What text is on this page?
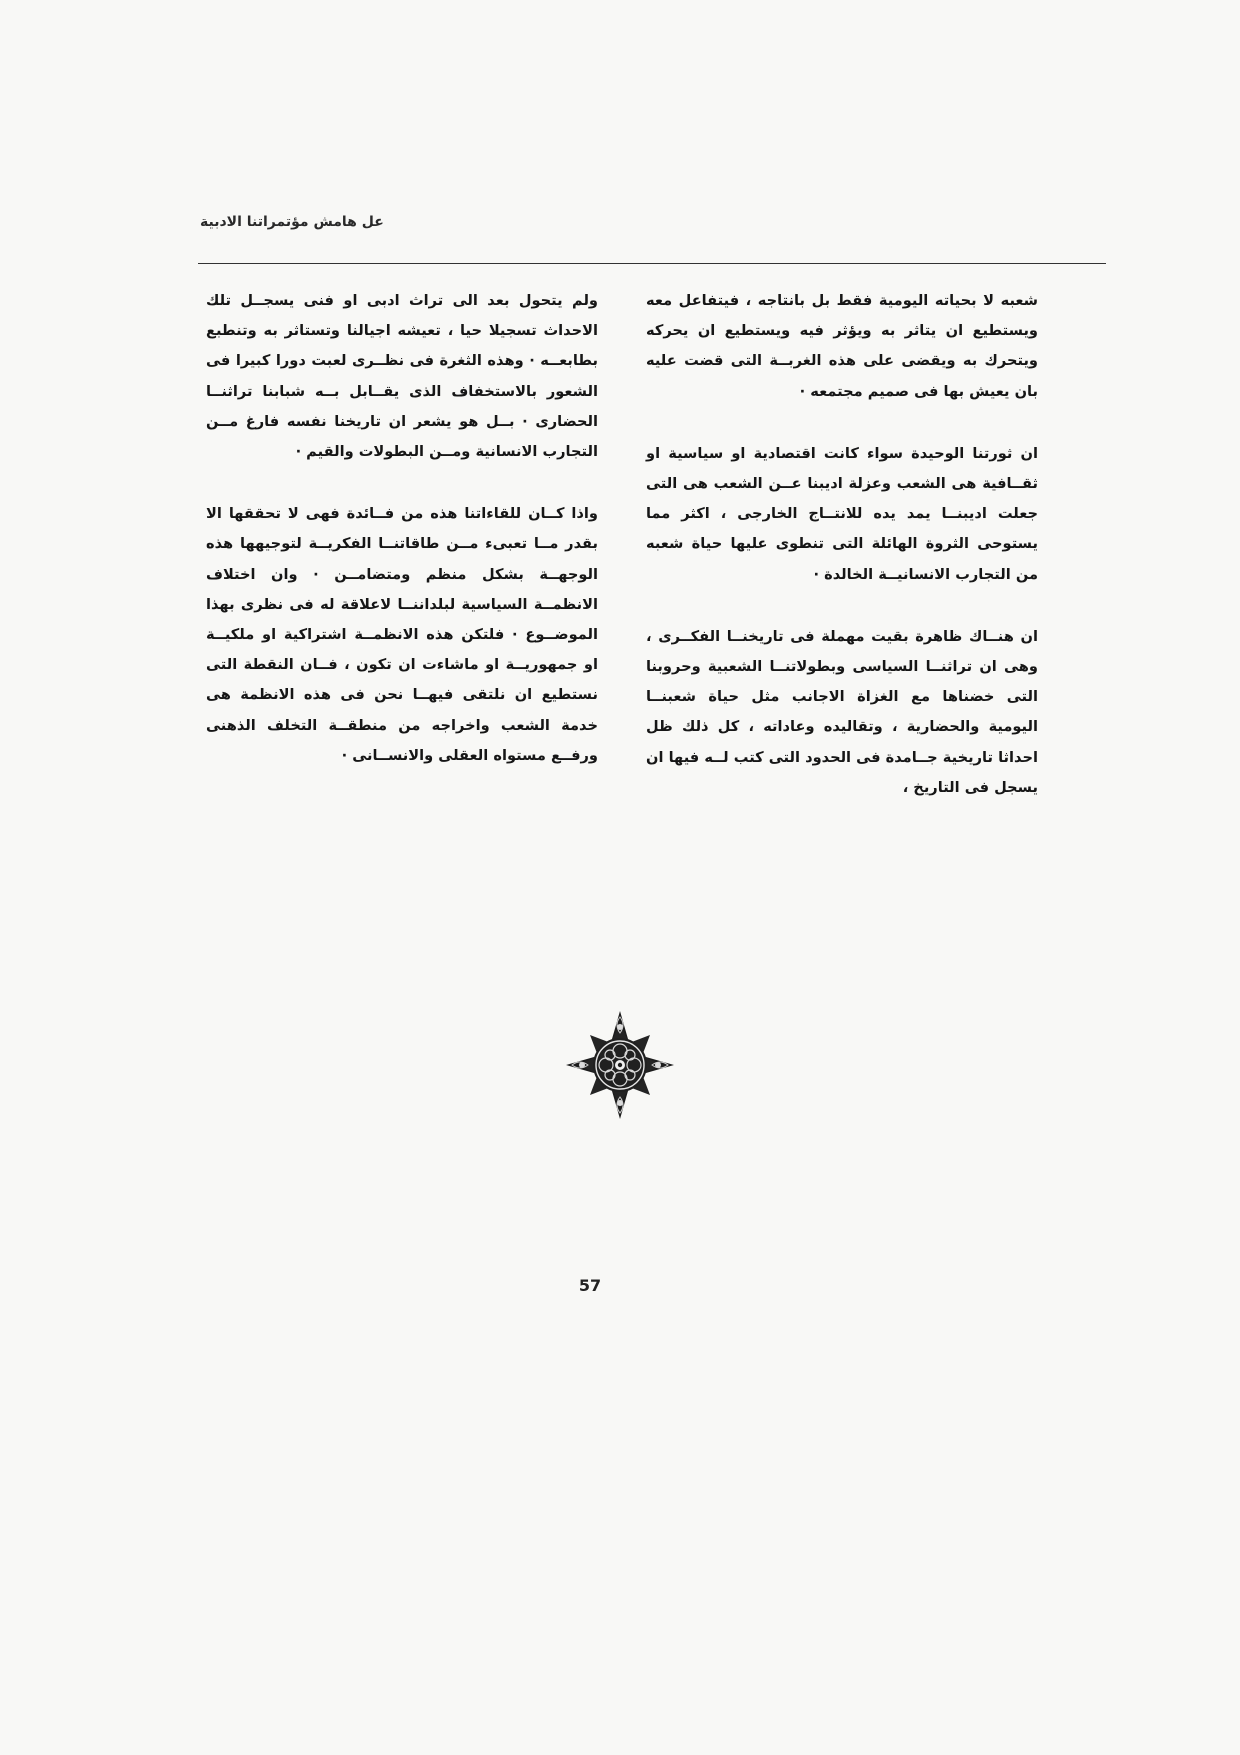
عل هامش مؤتمراتنا الادبية

شعبه لا بحياته اليومية فقط بل بانتاجه ، فيتفاعل معه ويستطيع ان يتاثر به ويؤثر فيه ويستطيع ان يحركه ويتحرك به ويقضى على هذه الغربــة التى قضت عليه بان يعيش بها فى صميم مجتمعه ·

ان ثورتنا الوحيدة سواء كانت اقتصادية او سياسية او ثقــافية هى الشعب وعزلة اديبنا عــن الشعب هى التى جعلت اديبنــا يمد يده للانتــاج الخارجى ، اكثر مما يستوحى الثروة الهائلة التى تنطوى عليها حياة شعبه من التجارب الانسانيــة الخالدة ·

ان هنــاك ظاهرة بقيت مهملة فى تاريخنــا الفكــرى ، وهى ان تراثنــا السياسى وبطولاتنــا الشعبية وحروبنا التى خضناها مع الغزاة الاجانب مثل حياة شعبنــا اليومية والحضارية ، وتقاليده وعاداته ، كل ذلك ظل احداثا تاريخية جــامدة فى الحدود التى كتب لــه فيها ان يسجل فى التاريخ ،

ولم يتحول بعد الى تراث ادبى او فنى يسجــل تلك الاحداث تسجيلا حيا ، تعيشه اجيالنا وتستاثر به وتنطبع بطابعــه · وهذه الثغرة فى نظــرى لعبت دورا كبيرا فى الشعور بالاستخفاف الذى يقــابل بــه شبابنا تراثنــا الحضارى · بــل هو يشعر ان تاريخنا نفسه فارغ مــن التجارب الانسانية ومــن البطولات والقيم ·

واذا كــان للقاءاتنا هذه من فــائدة فهى لا تحققها الا بقدر مــا تعبىء مــن طاقاتنــا الفكريــة لتوجيهها هذه الوجهــة بشكل منظم ومتضامــن · وان اختلاف الانظمــة السياسية لبلداننــا لاعلاقة له فى نظرى بهذا الموضــوع · فلتكن هذه الانظمــة اشتراكية او ملكيــة او جمهوريــة او ماشاءت ان تكون ، فــان النقطة التى نستطيع ان نلتقى فيهــا نحن فى هذه الانظمة هى خدمة الشعب واخراجه من منطقــة التخلف الذهنى ورفــع مستواه العقلى والانســانى ·

57
